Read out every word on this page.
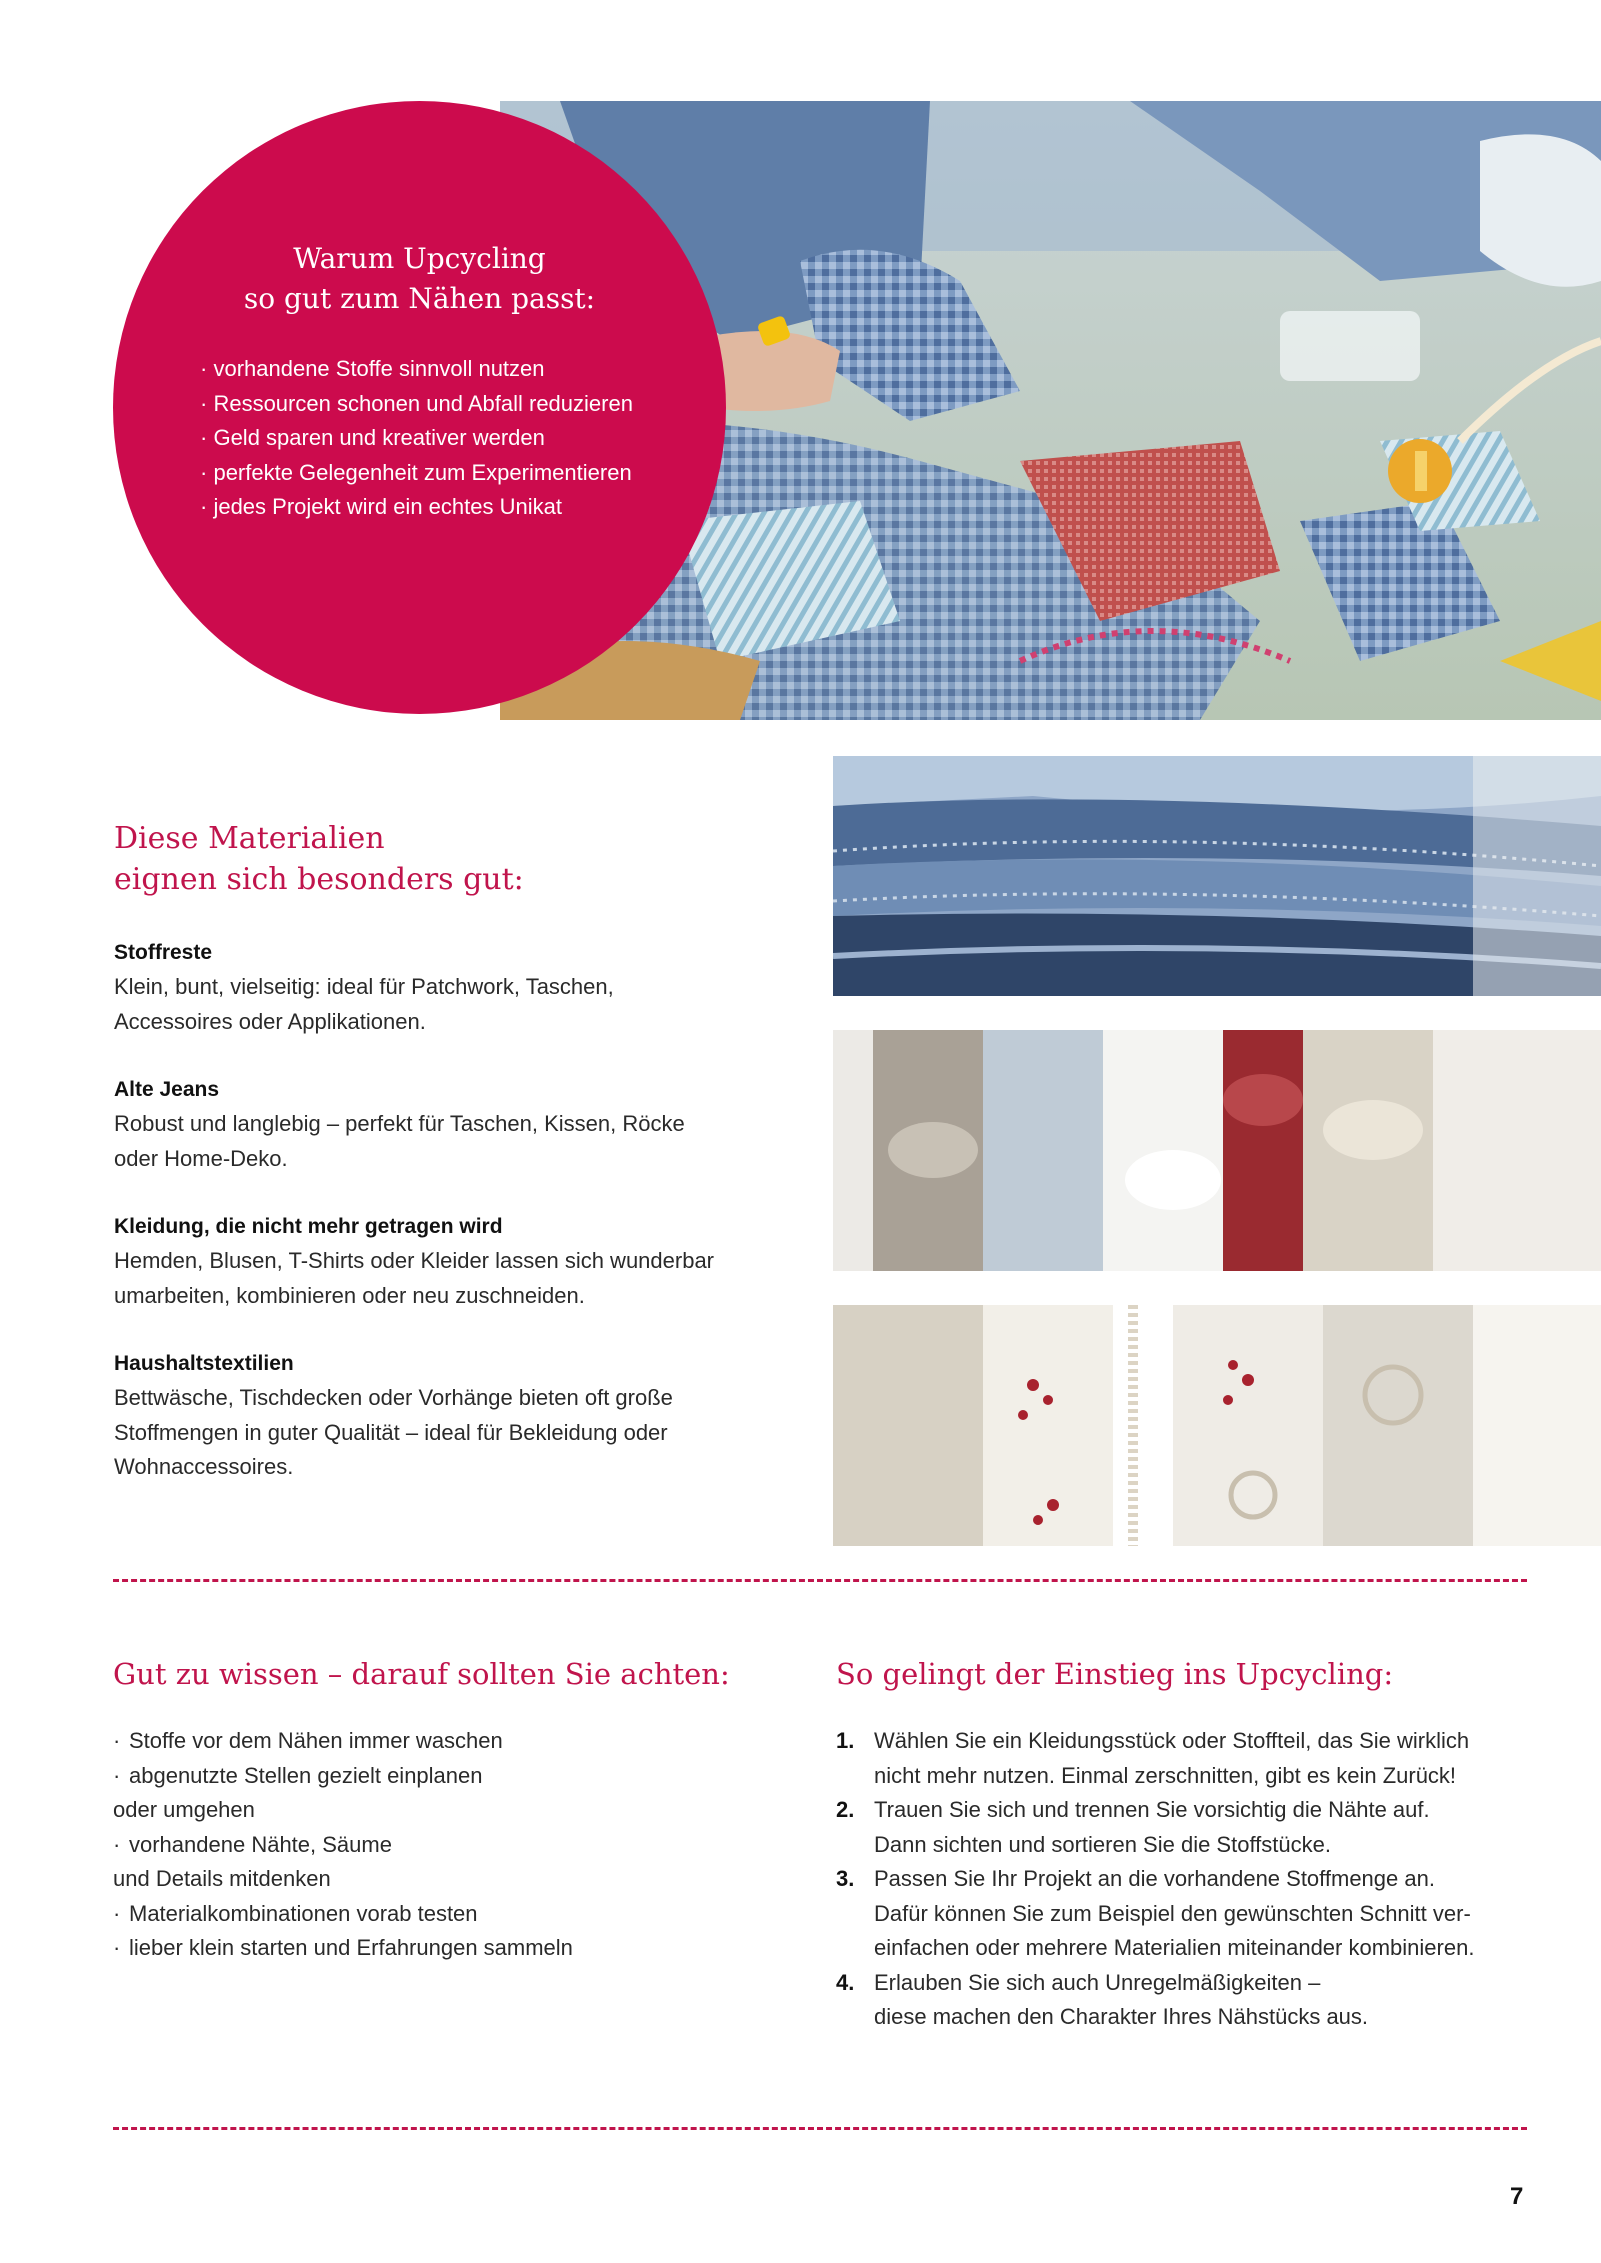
Warum Upcycling
so gut zum Nähen passt:
· vorhandene Stoffe sinnvoll nutzen
· Ressourcen schonen und Abfall reduzieren
· Geld sparen und kreativer werden
· perfekte Gelegenheit zum Experimentieren
· jedes Projekt wird ein echtes Unikat
Diese Materialien
eignen sich besonders gut:
Stoffreste
Klein, bunt, vielseitig: ideal für Patchwork, Taschen,
Accessoires oder Applikationen.
Alte Jeans
Robust und langlebig – perfekt für Taschen, Kissen, Röcke
oder Home-Deko.
Kleidung, die nicht mehr getragen wird
Hemden, Blusen, T-Shirts oder Kleider lassen sich wunderbar
umarbeiten, kombinieren oder neu zuschneiden.
Haushaltstextilien
Bettwäsche, Tischdecken oder Vorhänge bieten oft große
Stoffmengen in guter Qualität – ideal für Bekleidung oder
Wohnaccessoires.
Gut zu wissen – darauf sollten Sie achten:
· Stoffe vor dem Nähen immer waschen
· abgenutzte Stellen gezielt einplanen
oder umgehen
· vorhandene Nähte, Säume
und Details mitdenken
· Materialkombinationen vorab testen
· lieber klein starten und Erfahrungen sammeln
So gelingt der Einstieg ins Upcycling:
1. Wählen Sie ein Kleidungsstück oder Stoffteil, das Sie wirklich
nicht mehr nutzen. Einmal zerschnitten, gibt es kein Zurück!
2. Trauen Sie sich und trennen Sie vorsichtig die Nähte auf.
Dann sichten und sortieren Sie die Stoffstücke.
3. Passen Sie Ihr Projekt an die vorhandene Stoffmenge an.
Dafür können Sie zum Beispiel den gewünschten Schnitt ver-
einfachen oder mehrere Materialien miteinander kombinieren.
4. Erlauben Sie sich auch Unregelmäßigkeiten –
diese machen den Charakter Ihres Nähstücks aus.
7
